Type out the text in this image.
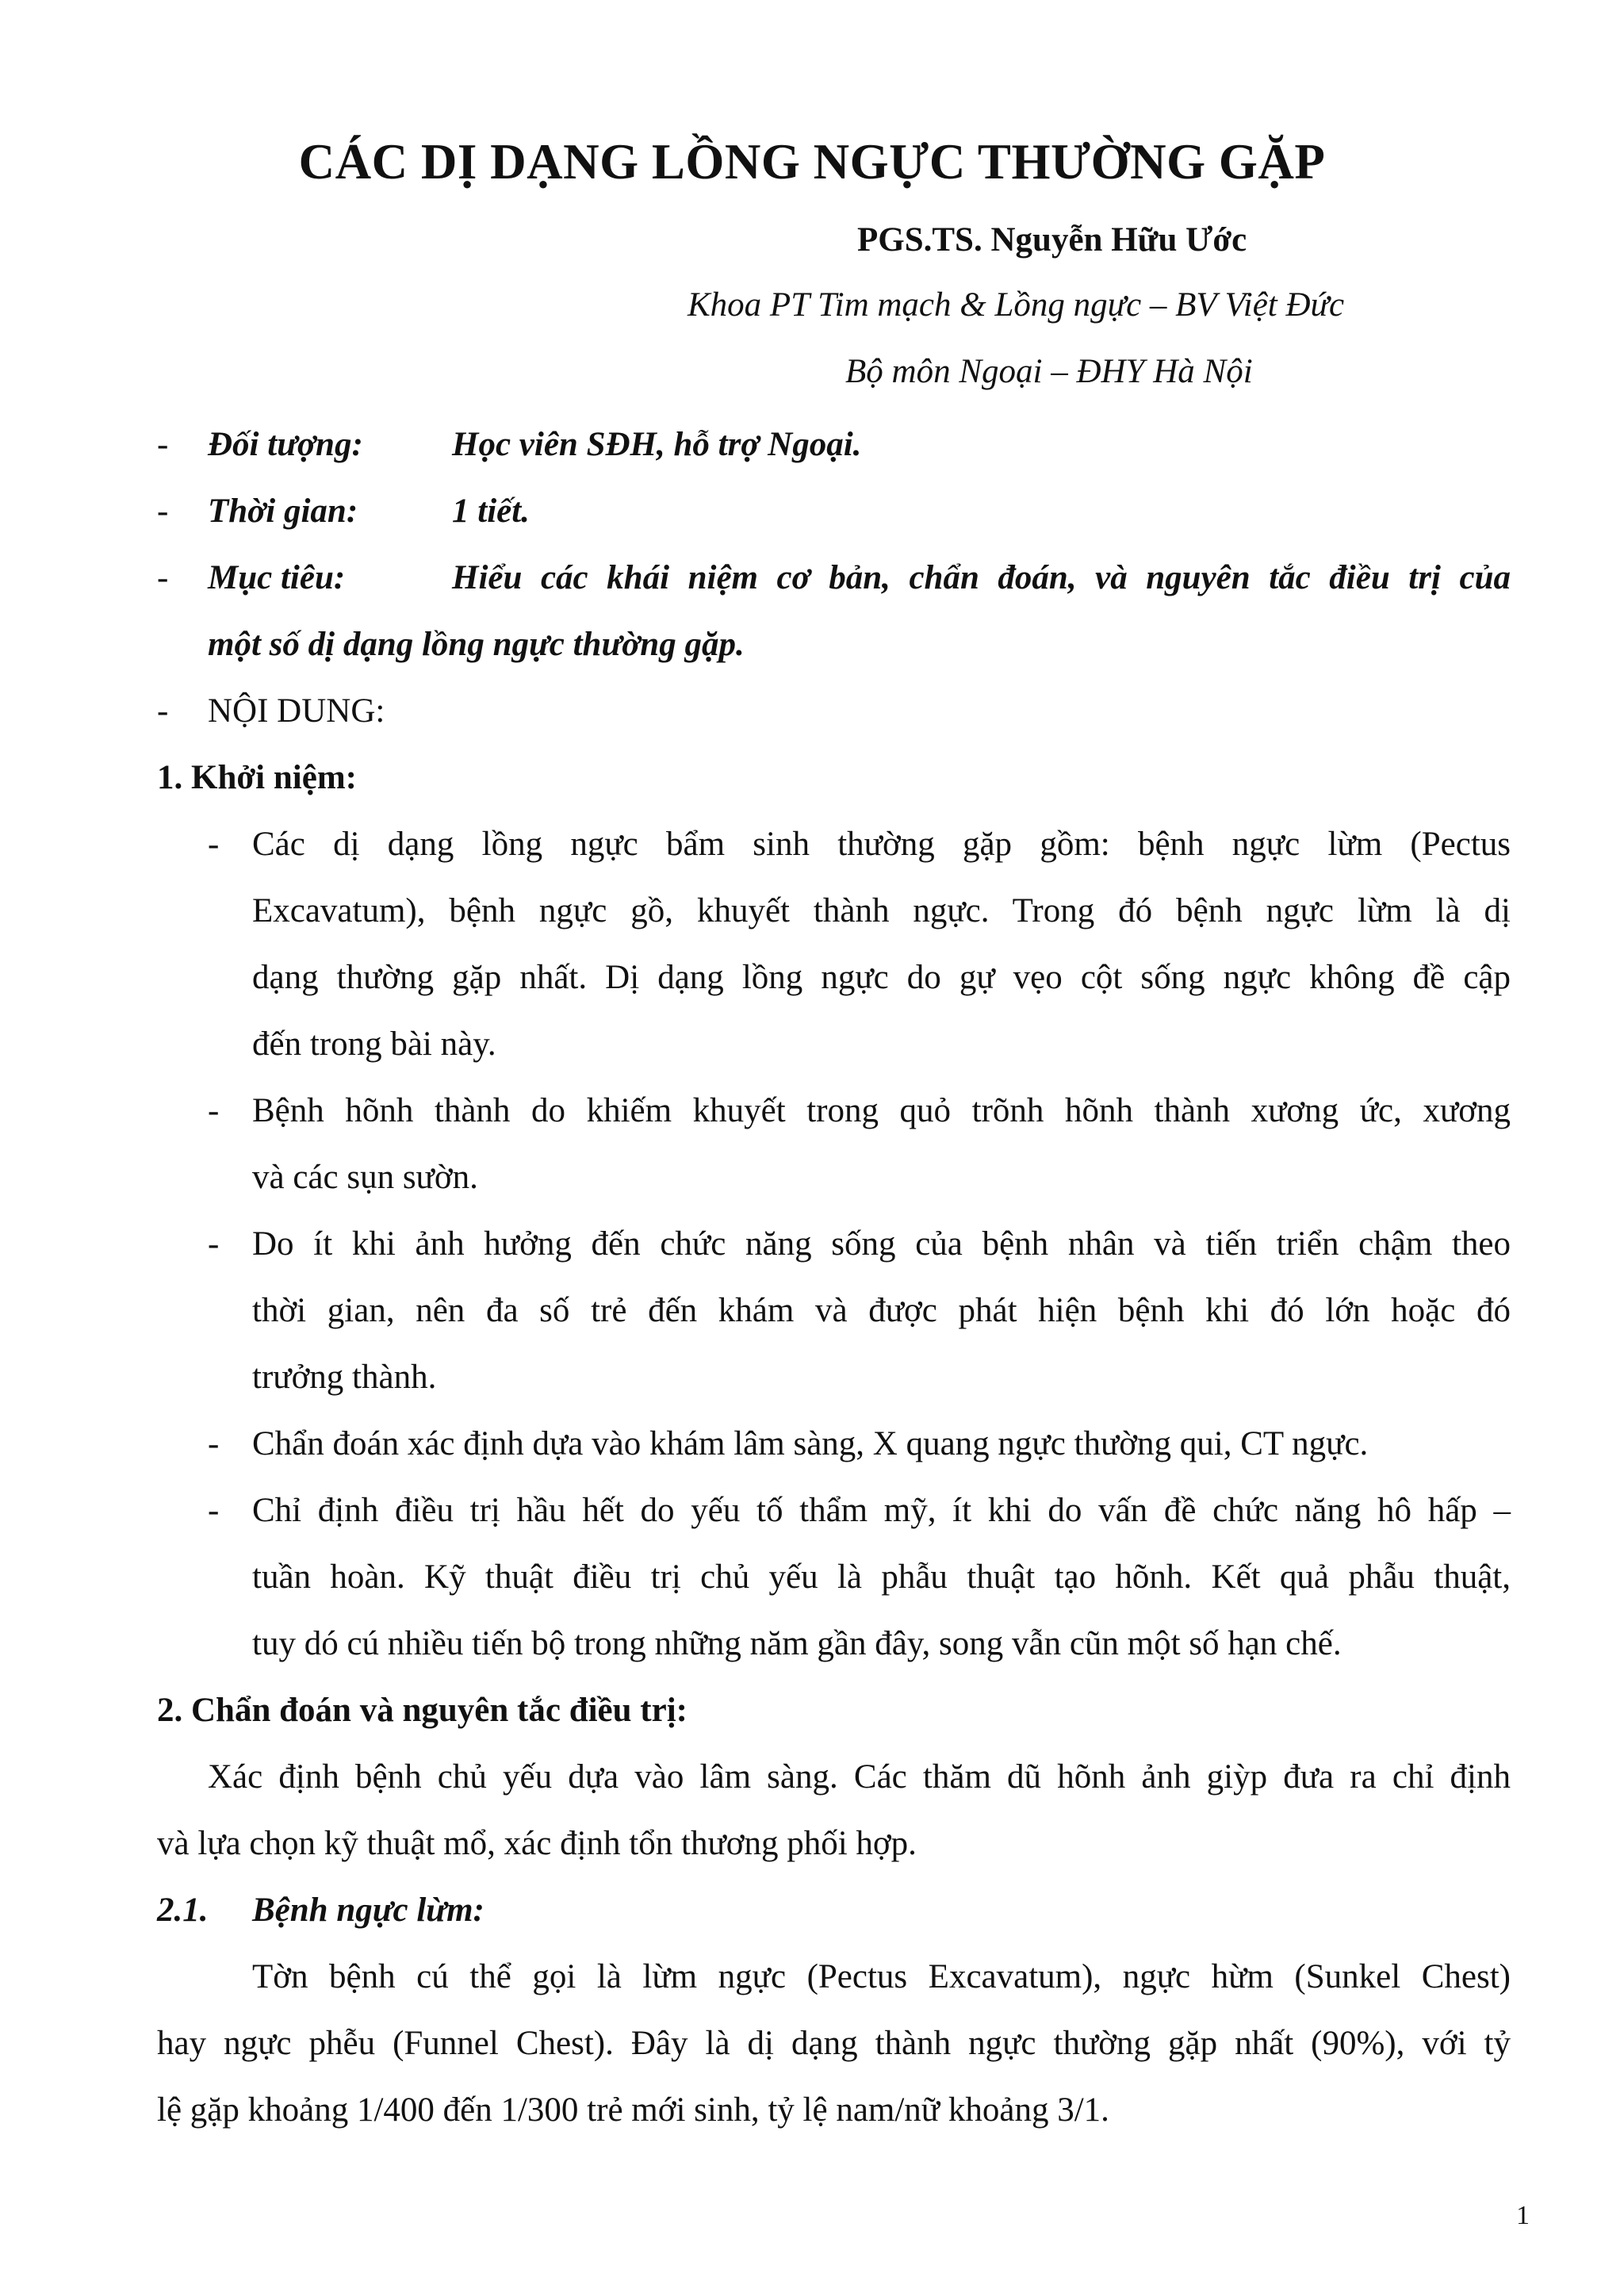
CÁC DỊ DẠNG LỒNG NGỰC THƯỜNG GẶP
PGS.TS. Nguyễn Hữu Ước
Khoa PT Tim mạch & Lồng ngực – BV Việt Đức
Bộ môn Ngoại – ĐHY Hà Nội
- Đối tượng:	Học viên SĐH, hỗ trợ Ngoại.
- Thời gian:	1 tiết.
- Mục tiêu:	Hiểu các khái niệm cơ bản, chẩn đoán, và nguyên tắc điều trị của
một số dị dạng lồng ngực thường gặp.
- NỘI DUNG:
1. Khởi niệm:
- Các dị dạng lồng ngực bẩm sinh thường gặp gồm: bệnh ngực lừm (Pectus
Excavatum), bệnh ngực gồ, khuyết thành ngực. Trong đó bệnh ngực lừm là dị
dạng thường gặp nhất. Dị dạng lồng ngực do gự vẹo cột sống ngực không đề cập
đến trong bài này.
- Bệnh hõnh thành do khiếm khuyết trong quỏ trõnh hõnh thành xương ức, xương
và các sụn sườn.
- Do ít khi ảnh hưởng đến chức năng sống của bệnh nhân và tiến triển chậm theo
thời gian, nên đa số trẻ đến khám và được phát hiện bệnh khi đó lớn hoặc đó
trưởng thành.
- Chẩn đoán xác định dựa vào khám lâm sàng, X quang ngực thường qui, CT ngực.
- Chỉ định điều trị hầu hết do yếu tố thẩm mỹ, ít khi do vấn đề chức năng hô hấp –
tuần hoàn. Kỹ thuật điều trị chủ yếu là phẫu thuật tạo hõnh. Kết quả phẫu thuật,
tuy dó cú nhiều tiến bộ trong những năm gần đây, song vẫn cũn một số hạn chế.
2. Chẩn đoán và nguyên tắc điều trị:
Xác định bệnh chủ yếu dựa vào lâm sàng. Các thăm dũ hõnh ảnh giỳp đưa ra chỉ định
và lựa chọn kỹ thuật mổ, xác định tổn thương phối hợp.
2.1. Bệnh ngực lừm:
Tờn bệnh cú thể gọi là lừm ngực (Pectus Excavatum), ngực hừm (Sunkel Chest)
hay ngực phễu (Funnel Chest). Đây là dị dạng thành ngực thường gặp nhất (90%), với tỷ
lệ gặp khoảng 1/400 đến 1/300 trẻ mới sinh, tỷ lệ nam/nữ khoảng 3/1.
1
